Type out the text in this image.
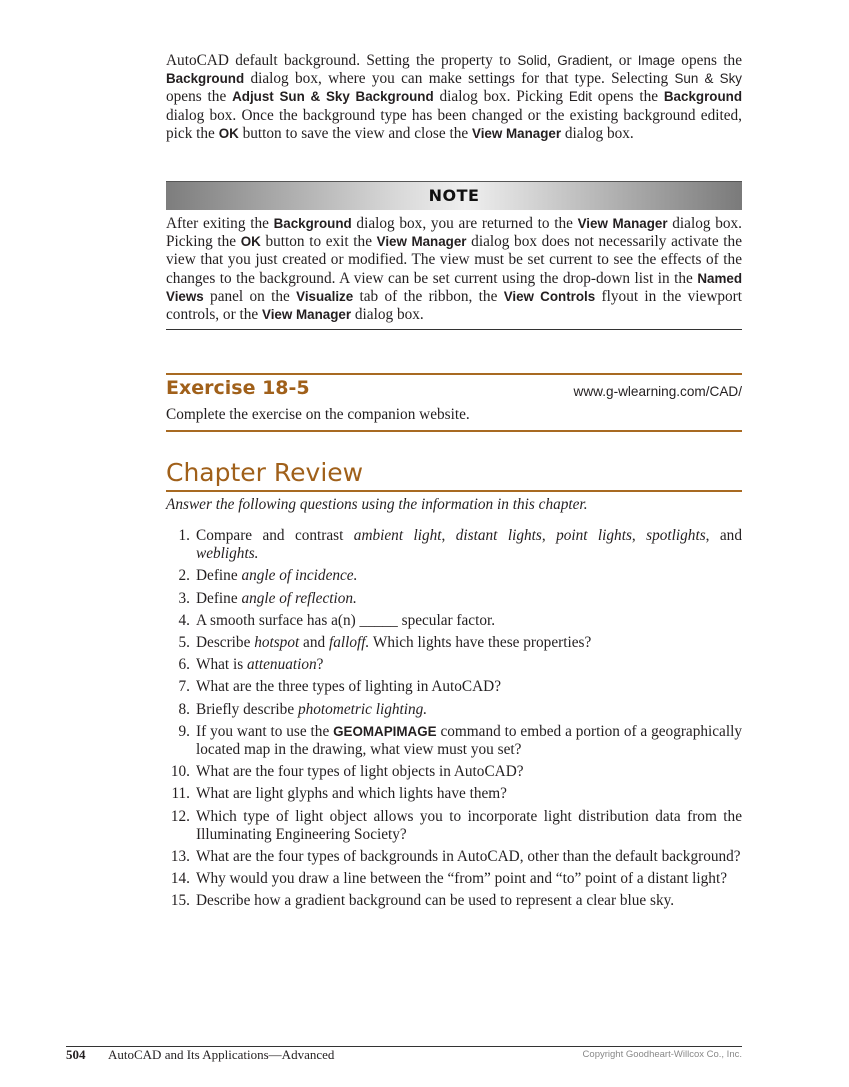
AutoCAD default background. Setting the property to Solid, Gradient, or Image opens the Background dialog box, where you can make settings for that type. Selecting Sun & Sky opens the Adjust Sun & Sky Background dialog box. Picking Edit opens the Background dialog box. Once the background type has been changed or the existing background edited, pick the OK button to save the view and close the View Manager dialog box.

NOTE

After exiting the Background dialog box, you are returned to the View Manager dialog box. Picking the OK button to exit the View Manager dialog box does not necessarily activate the view that you just created or modified. The view must be set current to see the effects of the changes to the background. A view can be set current using the drop-down list in the Named Views panel on the Visualize tab of the ribbon, the View Controls flyout in the viewport controls, or the View Manager dialog box.

Exercise 18-5	www.g-wlearning.com/CAD/

Complete the exercise on the companion website.

Chapter Review

Answer the following questions using the information in this chapter.

1. Compare and contrast ambient light, distant lights, point lights, spotlights, and weblights.

2. Define angle of incidence.

3. Define angle of reflection.

4. A smooth surface has a(n) _____ specular factor.

5. Describe hotspot and falloff. Which lights have these properties?

6. What is attenuation?

7. What are the three types of lighting in AutoCAD?

8. Briefly describe photometric lighting.

9. If you want to use the GEOMAPIMAGE command to embed a portion of a geographically located map in the drawing, what view must you set?

10. What are the four types of light objects in AutoCAD?

11. What are light glyphs and which lights have them?

12. Which type of light object allows you to incorporate light distribution data from the Illuminating Engineering Society?

13. What are the four types of backgrounds in AutoCAD, other than the default background?

14. Why would you draw a line between the “from” point and “to” point of a distant light?

15. Describe how a gradient background can be used to represent a clear blue sky.

504 AutoCAD and Its Applications—Advanced	Copyright Goodheart-Willcox Co., Inc.
